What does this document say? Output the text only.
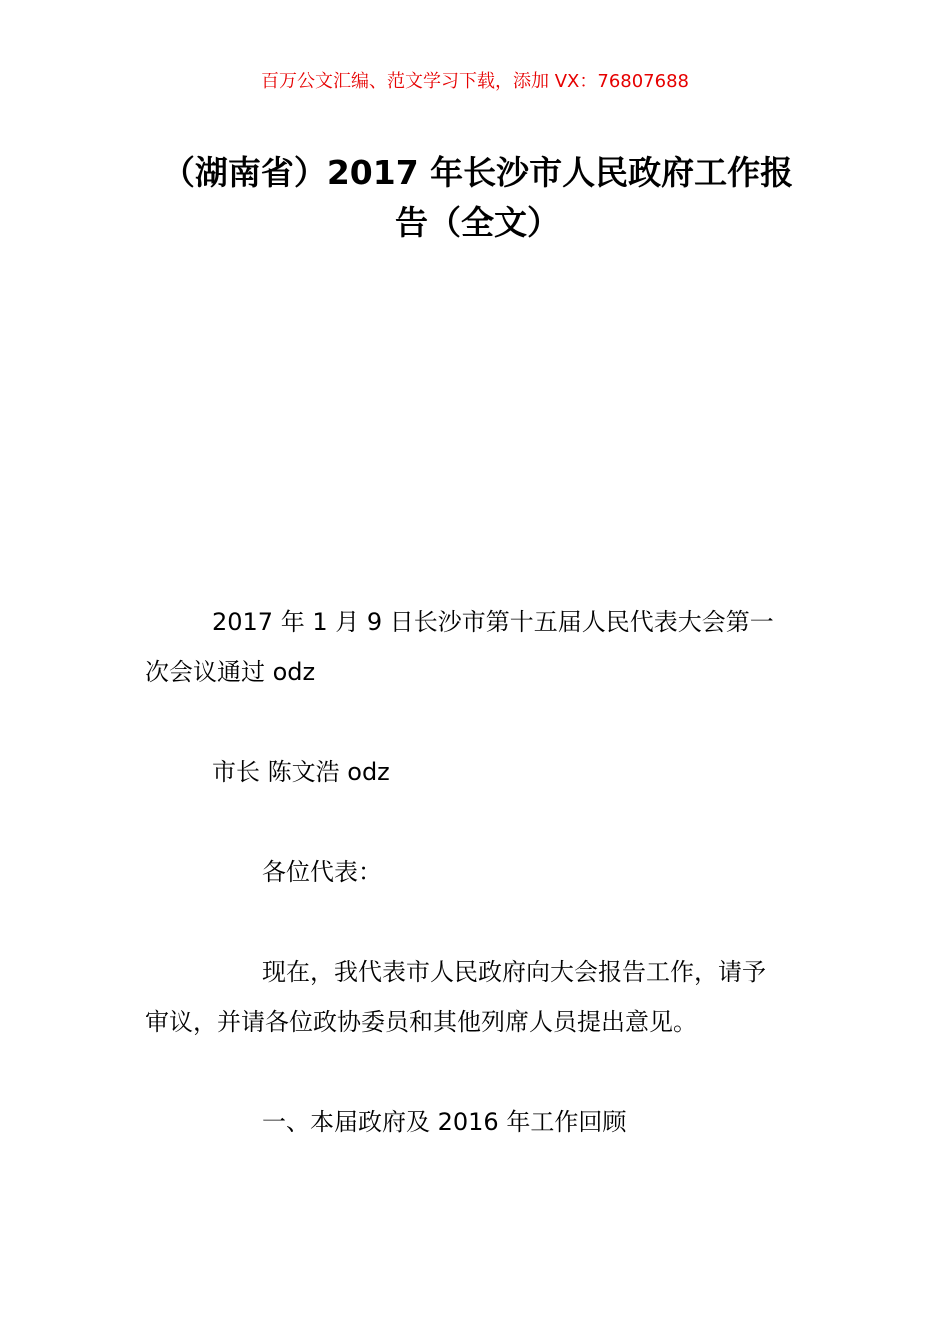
百万公文汇编、范文学习下载，添加 VX：76807688

（湖南省）2017 年长沙市人民政府工作报
告（全文）

2017 年 1 月 9 日长沙市第十五届人民代表大会第一

次会议通过 odz

市长 陈文浩 odz

各位代表：

现在，我代表市人民政府向大会报告工作，请予

审议，并请各位政协委员和其他列席人员提出意见。

一、本届政府及 2016 年工作回顾
